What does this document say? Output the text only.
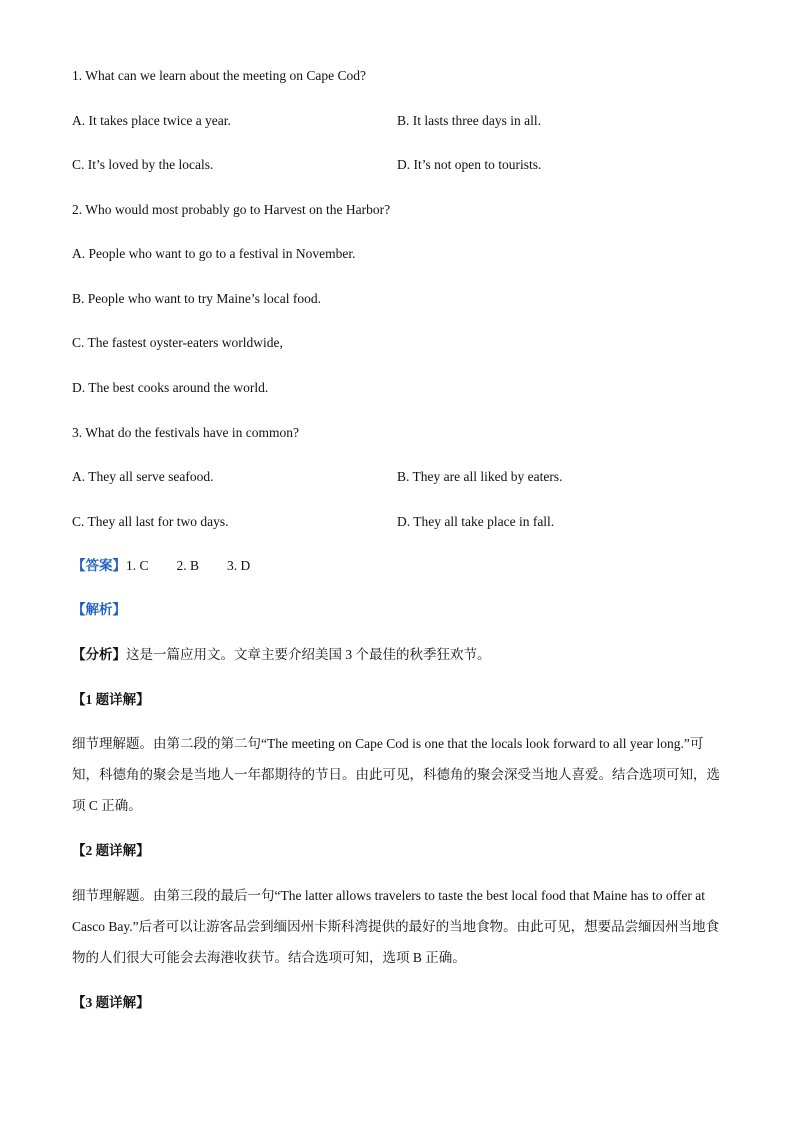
1. What can we learn about the meeting on Cape Cod?
A. It takes place twice a year.	B. It lasts three days in all.
C. It’s loved by the locals.	D. It’s not open to tourists.
2. Who would most probably go to Harvest on the Harbor?
A. People who want to go to a festival in November.
B. People who want to try Maine’s local food.
C. The fastest oyster-eaters worldwide,
D. The best cooks around the world.
3. What do the festivals have in common?
A. They all serve seafood.	B. They are all liked by eaters.
C. They all last for two days.	D. They all take place in fall.
【答案】1. C 2. B 3. D
【解析】
【分析】这是一篇应用文。文章主要介绍美国 3 个最佳的秋季狂欢节。
【1 题详解】

细节理解题。由第二段的第二句“The meeting on Cape Cod is one that the locals look forward to all year long.”可知，科德角的聚会是当地人一年都期待的节日。由此可见，科德角的聚会深受当地人喜爱。结合选项可知，选项 C 正确。

【2 题详解】

细节理解题。由第三段的最后一句“The latter allows travelers to taste the best local food that Maine has to offer at Casco Bay.”后者可以让游客品尝到缅因州卡斯科湾提供的最好的当地食物。由此可见，想要品尝缅因州当地食物的人们很大可能会去海港收获节。结合选项可知，选项 B 正确。

【3 题详解】
